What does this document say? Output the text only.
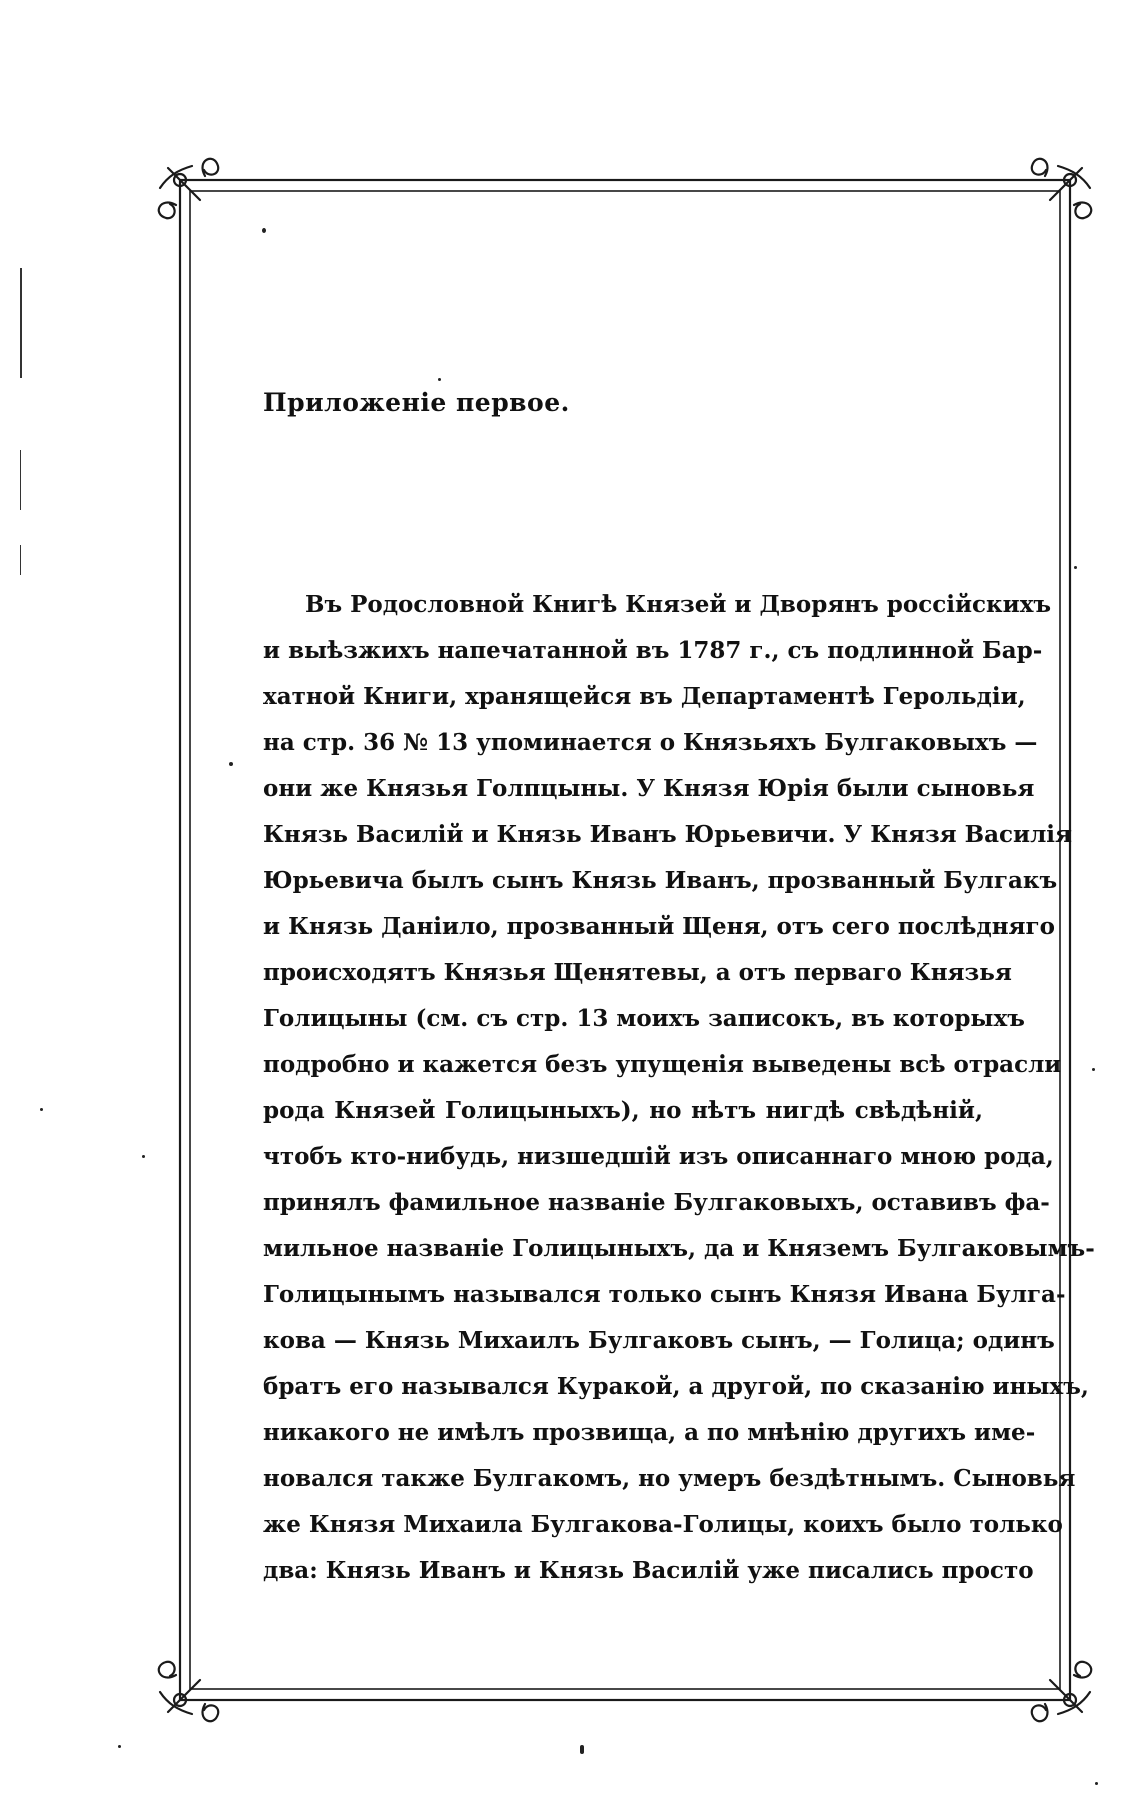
Приложеніе первое.
Въ Родословной Книгѣ Князей и Дворянъ россійскихъ
и выѣзжихъ напечатанной въ 1787 г., съ подлинной Бар-
хатной Книги, хранящейся въ Департаментѣ Герольдіи,
на стр. 36 № 13 упоминается о Князьяхъ Булгаковыхъ —
они же Князья Голпцыны. У Князя Юрія были сыновья
Князь Василій и Князь Иванъ Юрьевичи. У Князя Василія
Юрьевича былъ сынъ Князь Иванъ, прозванный Булгакъ
и Князь Даніило, прозванный Щеня, отъ сего послѣдняго
происходятъ Князья Щенятевы, а отъ перваго Князья
Голицыны (см. съ стр. 13 моихъ записокъ, въ которыхъ
подробно и кажется безъ упущенія выведены всѣ отрасли
рода Князей Голицыныхъ), но нѣтъ нигдѣ свѣдѣній,
чтобъ кто-нибудь, низшедшій изъ описаннаго мною рода,
принялъ фамильное названіе Булгаковыхъ, оставивъ фа-
мильное названіе Голицыныхъ, да и Княземъ Булгаковымъ-
Голицынымъ назывался только сынъ Князя Ивана Булга-
кова — Князь Михаилъ Булгаковъ сынъ, — Голица; одинъ
братъ его назывался Куракой, а другой, по сказанію иныхъ,
никакого не имѣлъ прозвища, а по мнѣнію другихъ име-
новался также Булгакомъ, но умеръ бездѣтнымъ. Сыновья
же Князя Михаила Булгакова-Голицы, коихъ было только
два: Князь Иванъ и Князь Василій уже писались просто
